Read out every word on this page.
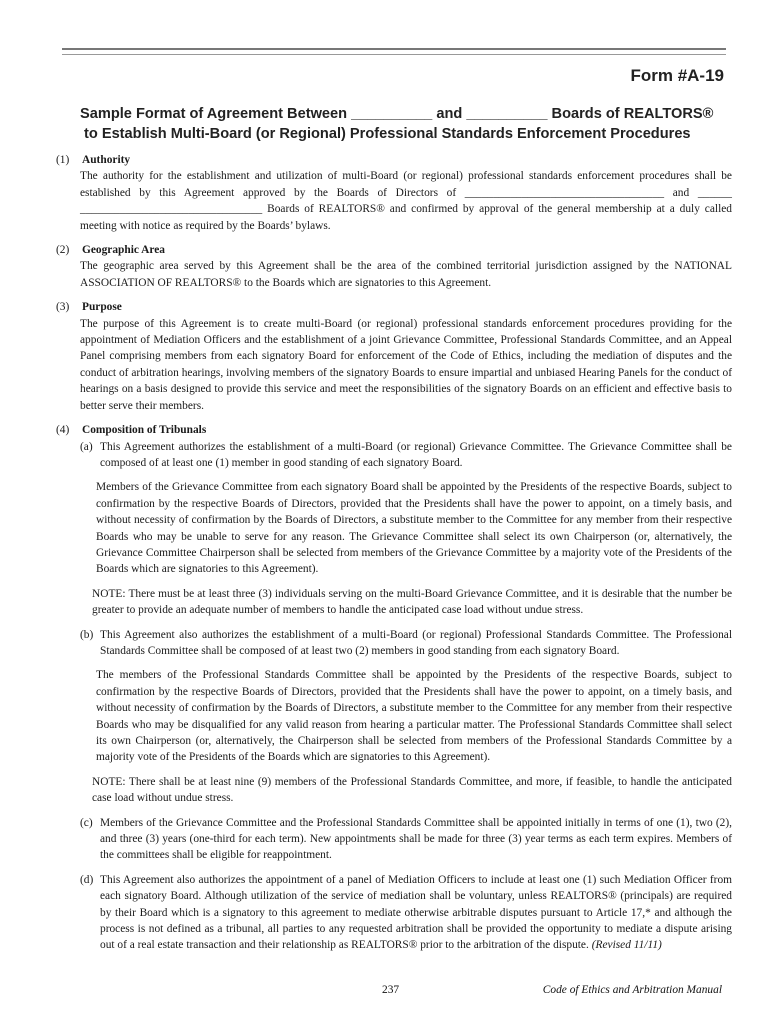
Form #A-19
Sample Format of Agreement Between __________ and __________ Boards of REALTORS®
to Establish Multi-Board (or Regional) Professional Standards Enforcement Procedures
(1)	Authority
The authority for the establishment and utilization of multi-Board (or regional) professional standards enforcement procedures shall be established by this Agreement approved by the Boards of Directors of ___________________________________ and ______ ________________________________ Boards of REALTORS® and confirmed by approval of the general membership at a duly called meeting with notice as required by the Boards’ bylaws.
(2)	Geographic Area
The geographic area served by this Agreement shall be the area of the combined territorial jurisdiction assigned by the NATIONAL ASSOCIATION OF REALTORS® to the Boards which are signatories to this Agreement.
(3)	Purpose
The purpose of this Agreement is to create multi-Board (or regional) professional standards enforcement procedures providing for the appointment of Mediation Officers and the establishment of a joint Grievance Committee, Professional Standards Committee, and an Appeal Panel comprising members from each signatory Board for enforcement of the Code of Ethics, including the mediation of disputes and the conduct of arbitration hearings, involving members of the signatory Boards to ensure impartial and unbiased Hearing Panels for the conduct of hearings on a basis designed to provide this service and meet the responsibilities of the signatory Boards on an efficient and effective basis to better serve their members.
(4)	Composition of Tribunals
(a) This Agreement authorizes the establishment of a multi-Board (or regional) Grievance Committee. The Grievance Committee shall be composed of at least one (1) member in good standing of each signatory Board.
Members of the Grievance Committee from each signatory Board shall be appointed by the Presidents of the respective Boards, subject to confirmation by the respective Boards of Directors, provided that the Presidents shall have the power to appoint, on a timely basis, and without necessity of confirmation by the Boards of Directors, a substitute member to the Committee for any member from their respective Boards who may be unable to serve for any reason. The Grievance Committee shall select its own Chairperson (or, alternatively, the Grievance Committee Chairperson shall be selected from members of the Grievance Committee by a majority vote of the Presidents of the Boards which are signatories to this Agreement).
NOTE: There must be at least three (3) individuals serving on the multi-Board Grievance Committee, and it is desirable that the number be greater to provide an adequate number of members to handle the anticipated case load without undue stress.
(b) This Agreement also authorizes the establishment of a multi-Board (or regional) Professional Standards Committee. The Professional Standards Committee shall be composed of at least two (2) members in good standing from each signatory Board.
The members of the Professional Standards Committee shall be appointed by the Presidents of the respective Boards, subject to confirmation by the respective Boards of Directors, provided that the Presidents shall have the power to appoint, on a timely basis, and without necessity of confirmation by the Boards of Directors, a substitute member to the Committee for any member from their respective Boards who may be disqualified for any valid reason from hearing a particular matter. The Professional Standards Committee shall select its own Chairperson (or, alternatively, the Chairperson shall be selected from members of the Professional Standards Committee by a majority vote of the Presidents of the Boards which are signatories to this Agreement).
NOTE: There shall be at least nine (9) members of the Professional Standards Committee, and more, if feasible, to handle the anticipated case load without undue stress.
(c) Members of the Grievance Committee and the Professional Standards Committee shall be appointed initially in terms of one (1), two (2), and three (3) years (one-third for each term). New appointments shall be made for three (3) year terms as each term expires. Members of the committees shall be eligible for reappointment.
(d) This Agreement also authorizes the appointment of a panel of Mediation Officers to include at least one (1) such Mediation Officer from each signatory Board. Although utilization of the service of mediation shall be voluntary, unless REALTORS® (principals) are required by their Board which is a signatory to this agreement to mediate otherwise arbitrable disputes pursuant to Article 17,* and although the process is not defined as a tribunal, all parties to any requested arbitration shall be provided the opportunity to mediate a dispute arising out of a real estate transaction and their relationship as REALTORS® prior to the arbitration of the dispute. (Revised 11/11)
237	Code of Ethics and Arbitration Manual
